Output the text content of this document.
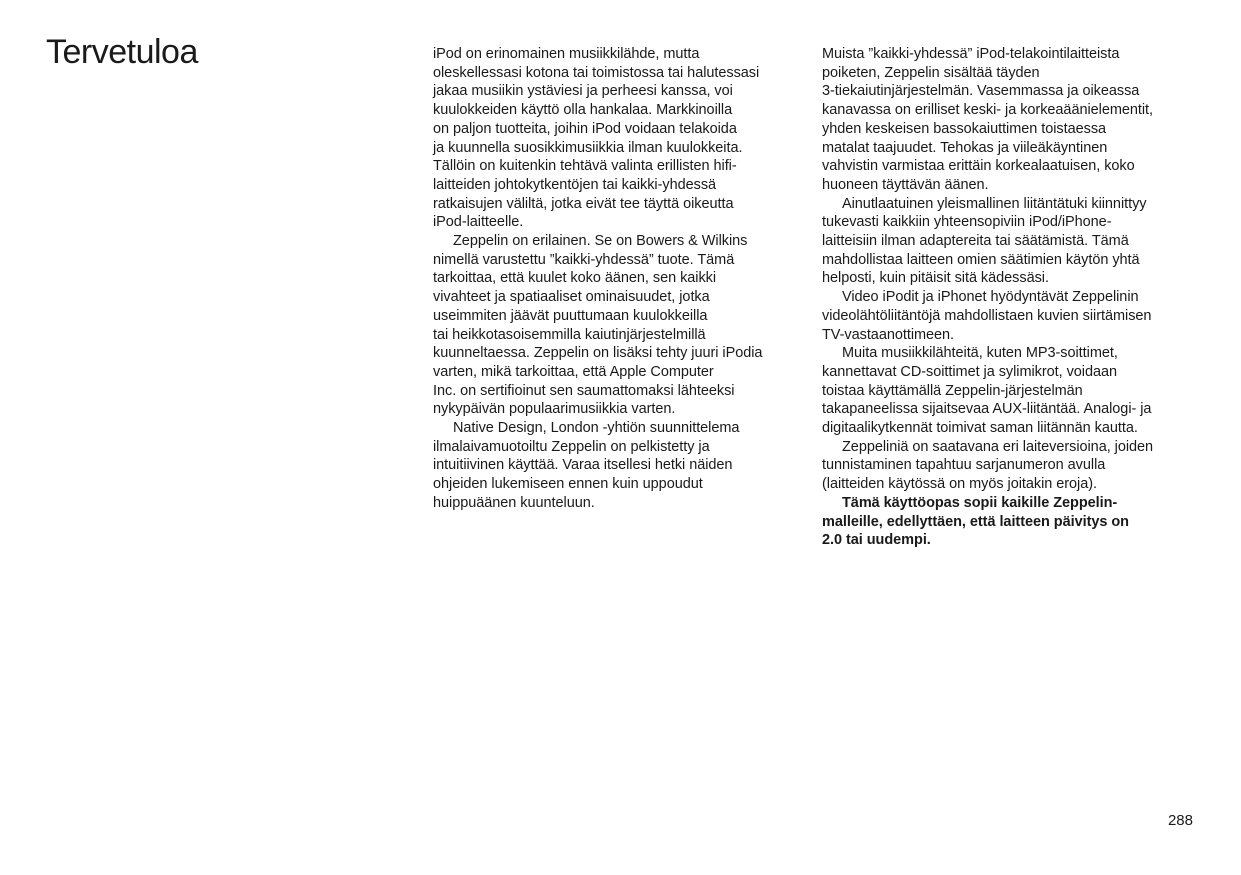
Tervetuloa	iPod on erinomainen musiikkilähde, mutta
oleskellessasi kotona tai toimistossa tai halutessasi
jakaa musiikin ystäviesi ja perheesi kanssa, voi
kuulokkeiden käyttö olla hankalaa. Markkinoilla
on paljon tuotteita, joihin iPod voidaan telakoida
ja kuunnella suosikkimusiikkia ilman kuulokkeita.
Tällöin on kuitenkin tehtävä valinta erillisten hifi-
laitteiden johtokytkentöjen tai kaikki-yhdessä
ratkaisujen väliltä, jotka eivät tee täyttä oikeutta
iPod-laitteelle.
Zeppelin on erilainen. Se on Bowers & Wilkins
nimellä varustettu ”kaikki-yhdessä” tuote. Tämä
tarkoittaa, että kuulet koko äänen, sen kaikki
vivahteet ja spatiaaliset ominaisuudet, jotka
useimmiten jäävät puuttumaan kuulokkeilla
tai heikkotasoisemmilla kaiutinjärjestelmillä
kuunneltaessa. Zeppelin on lisäksi tehty juuri iPodia
varten, mikä tarkoittaa, että Apple Computer
Inc. on sertifioinut sen saumattomaksi lähteeksi
nykypäivän populaarimusiikkia varten.
Native Design, London -yhtiön suunnittelema
ilmalaivamuotoiltu Zeppelin on pelkistetty ja
intuitiivinen käyttää. Varaa itsellesi hetki näiden
ohjeiden lukemiseen ennen kuin uppoudut
huippuäänen kuunteluun.
Muista ”kaikki-yhdessä” iPod-telakointilaitteista
poiketen, Zeppelin sisältää täyden
3-tiekaiutinjärjestelmän. Vasemmassa ja oikeassa
kanavassa on erilliset keski- ja korkeaäänielementit,
yhden keskeisen bassokaiuttimen toistaessa
matalat taajuudet. Tehokas ja viileäkäyntinen
vahvistin varmistaa erittäin korkealaatuisen, koko
huoneen täyttävän äänen.
Ainutlaatuinen yleismallinen liitäntätuki kiinnittyy
tukevasti kaikkiin yhteensopiviin iPod/iPhone-
laitteisiin ilman adaptereita tai säätämistä. Tämä
mahdollistaa laitteen omien säätimien käytön yhtä
helposti, kuin pitäisit sitä kädessäsi.
Video iPodit ja iPhonet hyödyntävät Zeppelinin
videolähtöliitäntöjä mahdollistaen kuvien siirtämisen
TV-vastaanottimeen.
Muita musiikkilähteitä, kuten MP3-soittimet,
kannettavat CD-soittimet ja sylimikrot, voidaan
toistaa käyttämällä Zeppelin-järjestelmän
takapaneelissa sijaitsevaa AUX-liitäntää. Analogi- ja
digitaalikytkennät toimivat saman liitännän kautta.
Zeppeliniä on saatavana eri laiteversioina, joiden
tunnistaminen tapahtuu sarjanumeron avulla
(laitteiden käytössä on myös joitakin eroja).
Tämä käyttöopas sopii kaikille Zeppelin-
malleille, edellyttäen, että laitteen päivitys on
2.0 tai uudempi.
288
